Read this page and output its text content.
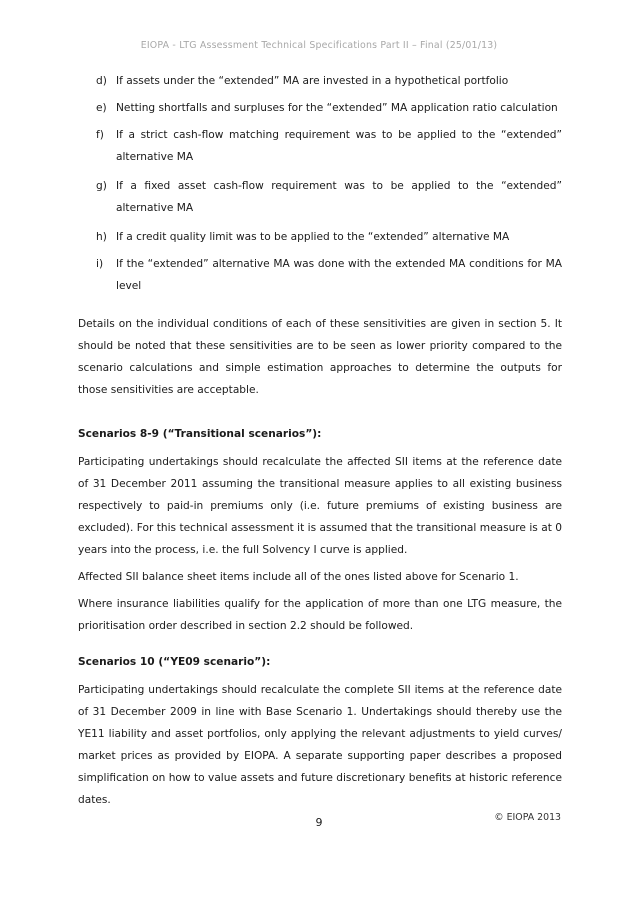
EIOPA - LTG Assessment Technical Specifications Part II – Final (25/01/13)
d) If assets under the “extended” MA are invested in a hypothetical portfolio
e) Netting shortfalls and surpluses for the “extended” MA application ratio calculation
f) If a strict cash-flow matching requirement was to be applied to the “extended” alternative MA
g) If a fixed asset cash-flow requirement was to be applied to the “extended” alternative MA
h) If a credit quality limit was to be applied to the “extended” alternative MA
i) If the “extended” alternative MA was done with the extended MA conditions for MA level

Details on the individual conditions of each of these sensitivities are given in section 5. It should be noted that these sensitivities are to be seen as lower priority compared to the scenario calculations and simple estimation approaches to determine the outputs for those sensitivities are acceptable.

Scenarios 8-9 (“Transitional scenarios”):

Participating undertakings should recalculate the affected SII items at the reference date of 31 December 2011 assuming the transitional measure applies to all existing business respectively to paid-in premiums only (i.e. future premiums of existing business are excluded). For this technical assessment it is assumed that the transitional measure is at 0 years into the process, i.e. the full Solvency I curve is applied.

Affected SII balance sheet items include all of the ones listed above for Scenario 1.

Where insurance liabilities qualify for the application of more than one LTG measure, the prioritisation order described in section 2.2 should be followed.

Scenarios 10 (“YE09 scenario”):

Participating undertakings should recalculate the complete SII items at the reference date of 31 December 2009 in line with Base Scenario 1. Undertakings should thereby use the YE11 liability and asset portfolios, only applying the relevant adjustments to yield curves/ market prices as provided by EIOPA. A separate supporting paper describes a proposed simplification on how to value assets and future discretionary benefits at historic reference dates.

© EIOPA 2013
9
